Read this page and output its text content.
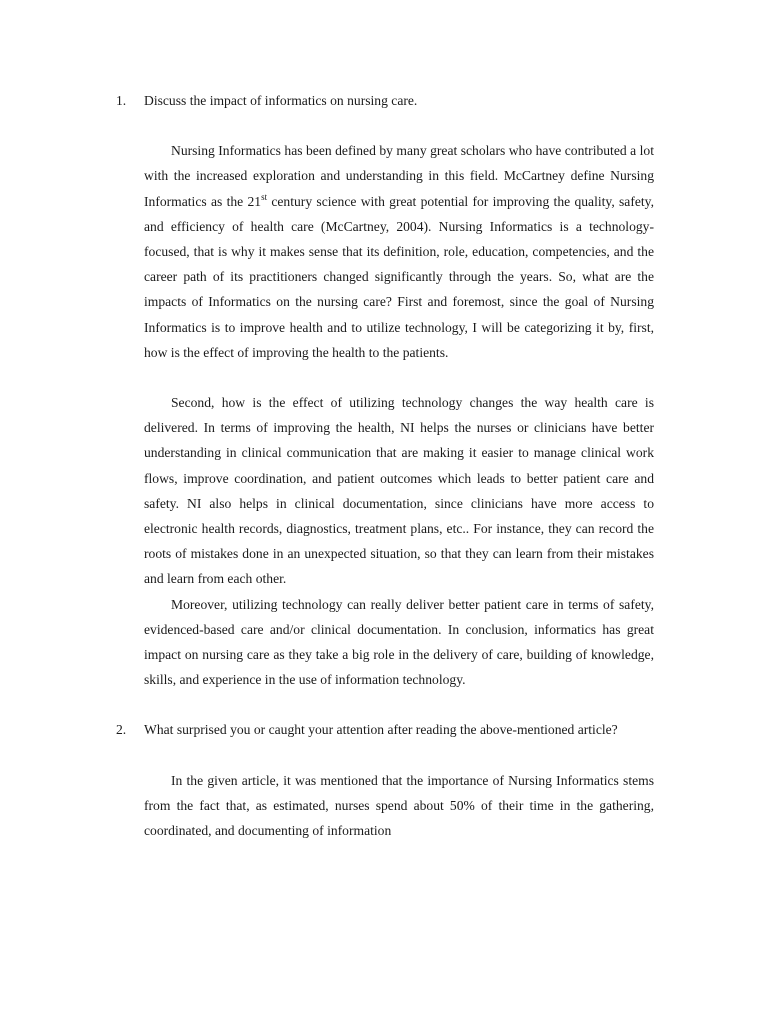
1.	Discuss the impact of informatics on nursing care.

Nursing Informatics has been defined by many great scholars who have contributed a lot with the increased exploration and understanding in this field. McCartney define Nursing Informatics as the 21st century science with great potential for improving the quality, safety, and efficiency of health care (McCartney, 2004). Nursing Informatics is a technology-focused, that is why it makes sense that its definition, role, education, competencies, and the career path of its practitioners changed significantly through the years. So, what are the impacts of Informatics on the nursing care? First and foremost, since the goal of Nursing Informatics is to improve health and to utilize technology, I will be categorizing it by, first, how is the effect of improving the health to the patients.

Second, how is the effect of utilizing technology changes the way health care is delivered. In terms of improving the health, NI helps the nurses or clinicians have better understanding in clinical communication that are making it easier to manage clinical work flows, improve coordination, and patient outcomes which leads to better patient care and safety. NI also helps in clinical documentation, since clinicians have more access to electronic health records, diagnostics, treatment plans, etc.. For instance, they can record the roots of mistakes done in an unexpected situation, so that they can learn from their mistakes and learn from each other.

Moreover, utilizing technology can really deliver better patient care in terms of safety, evidenced-based care and/or clinical documentation. In conclusion, informatics has great impact on nursing care as they take a big role in the delivery of care, building of knowledge, skills, and experience in the use of information technology.

2.	What surprised you or caught your attention after reading the above-mentioned article?

In the given article, it was mentioned that the importance of Nursing Informatics stems from the fact that, as estimated, nurses spend about 50% of their time in the gathering, coordinated, and documenting of information
